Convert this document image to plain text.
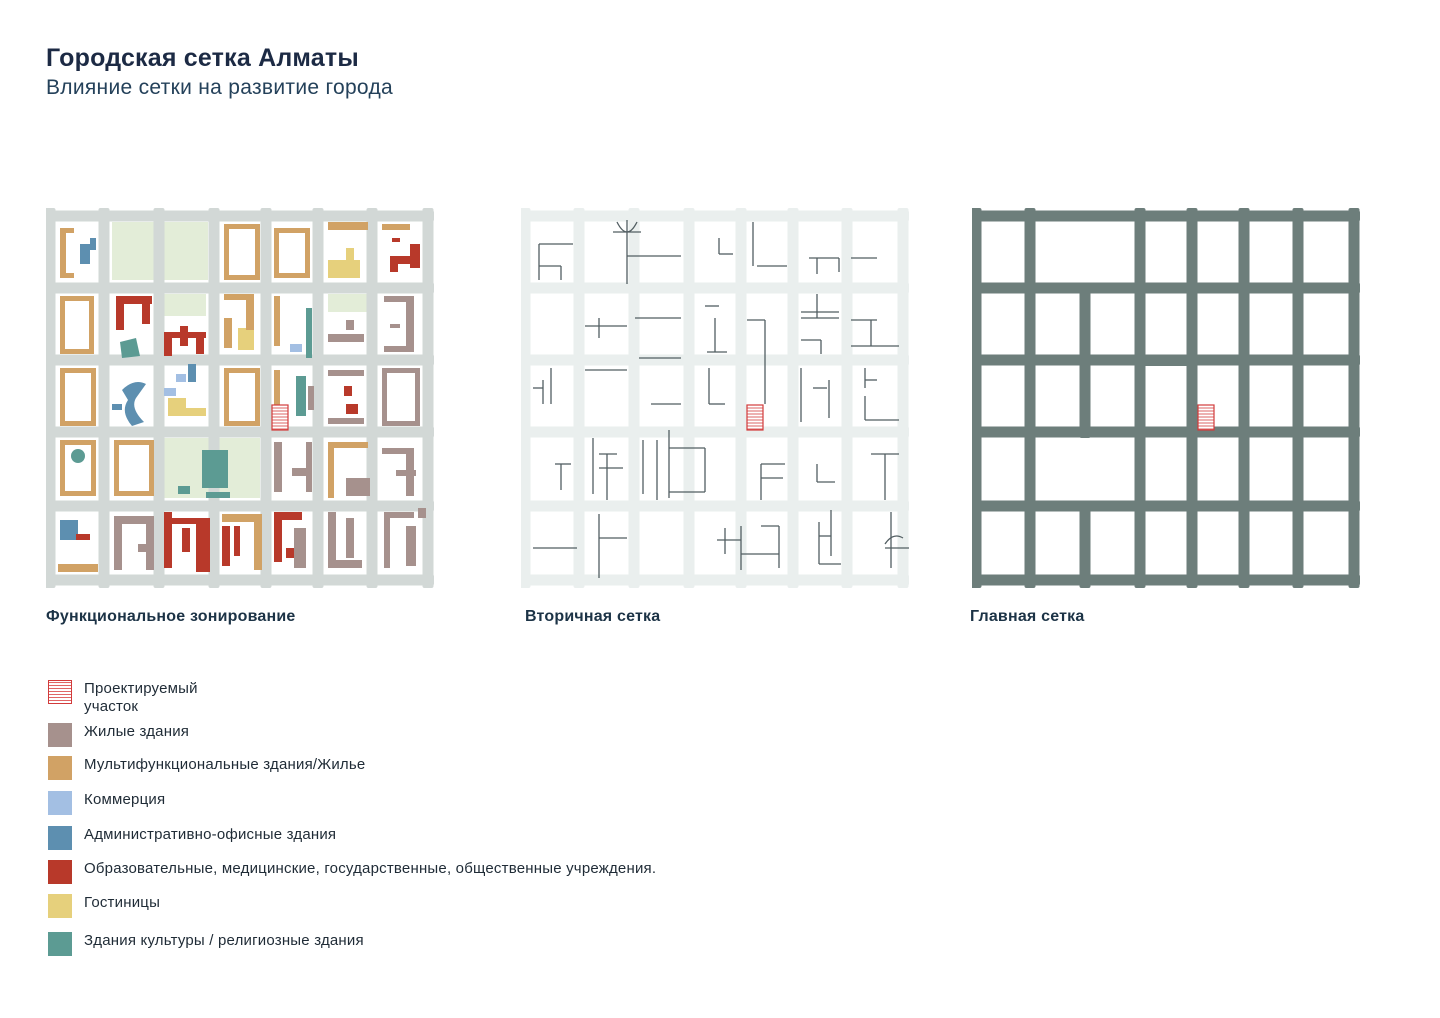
Городская сетка Алматы
Влияние сетки на развитие города
Функциональное зонирование	Вторичная сетка	Главная сетка
Проектируемый участок
Жилые здания
Мультифункциональные здания/Жилье
Коммерция
Административно-офисные здания
Образовательные, медицинские, государственные, общественные учреждения.
Гостиницы
Здания культуры / религиозные здания
